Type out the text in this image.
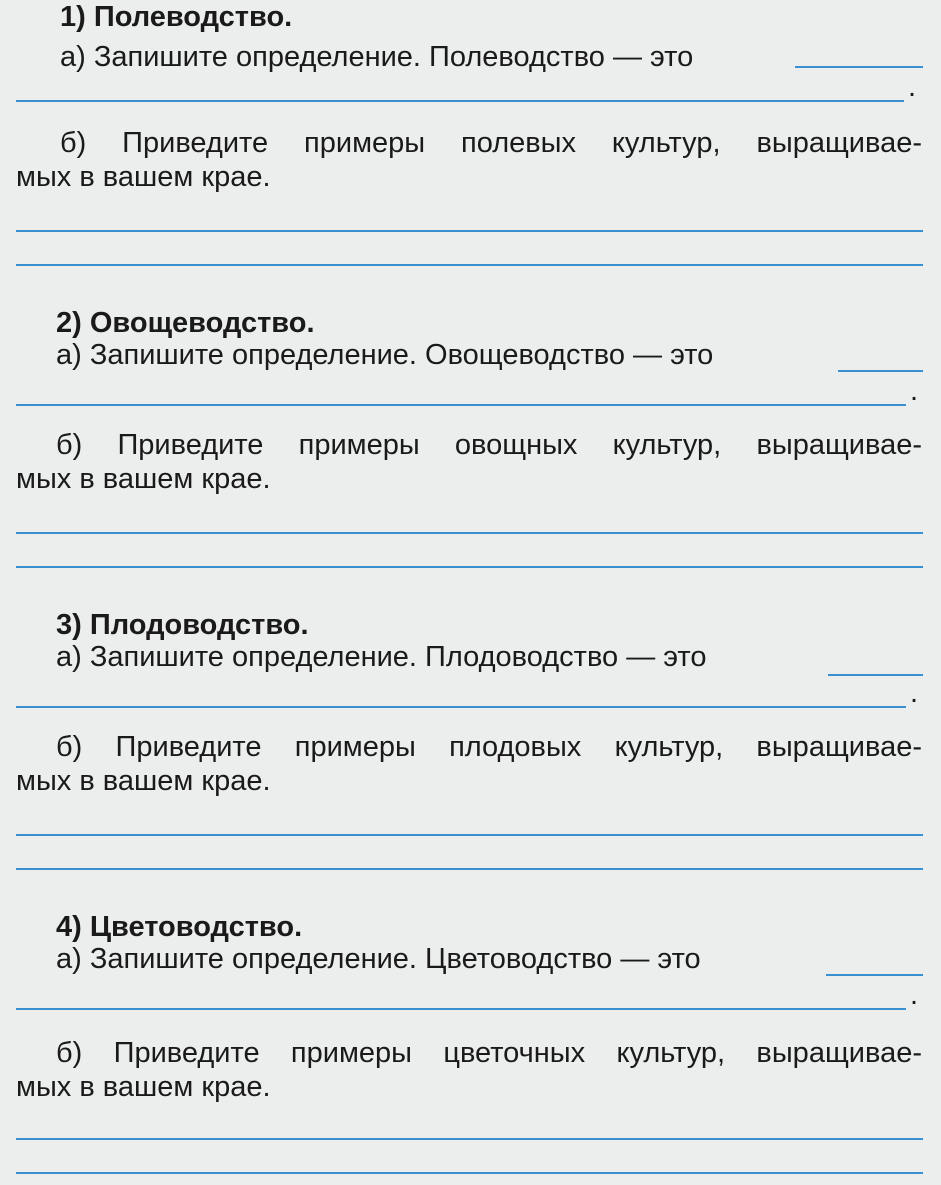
1) Полеводство.
а) Запишите определение. Полеводство — это
.
б) Приведите примеры полевых культур, выращивае-
мых в вашем крае.
2) Овощеводство.
а) Запишите определение. Овощеводство — это
.
б) Приведите примеры овощных культур, выращивае-
мых в вашем крае.
3) Плодоводство.
а) Запишите определение. Плодоводство — это
.
б) Приведите примеры плодовых культур, выращивае-
мых в вашем крае.
4) Цветоводство.
а) Запишите определение. Цветоводство — это
.
б) Приведите примеры цветочных культур, выращивае-
мых в вашем крае.
